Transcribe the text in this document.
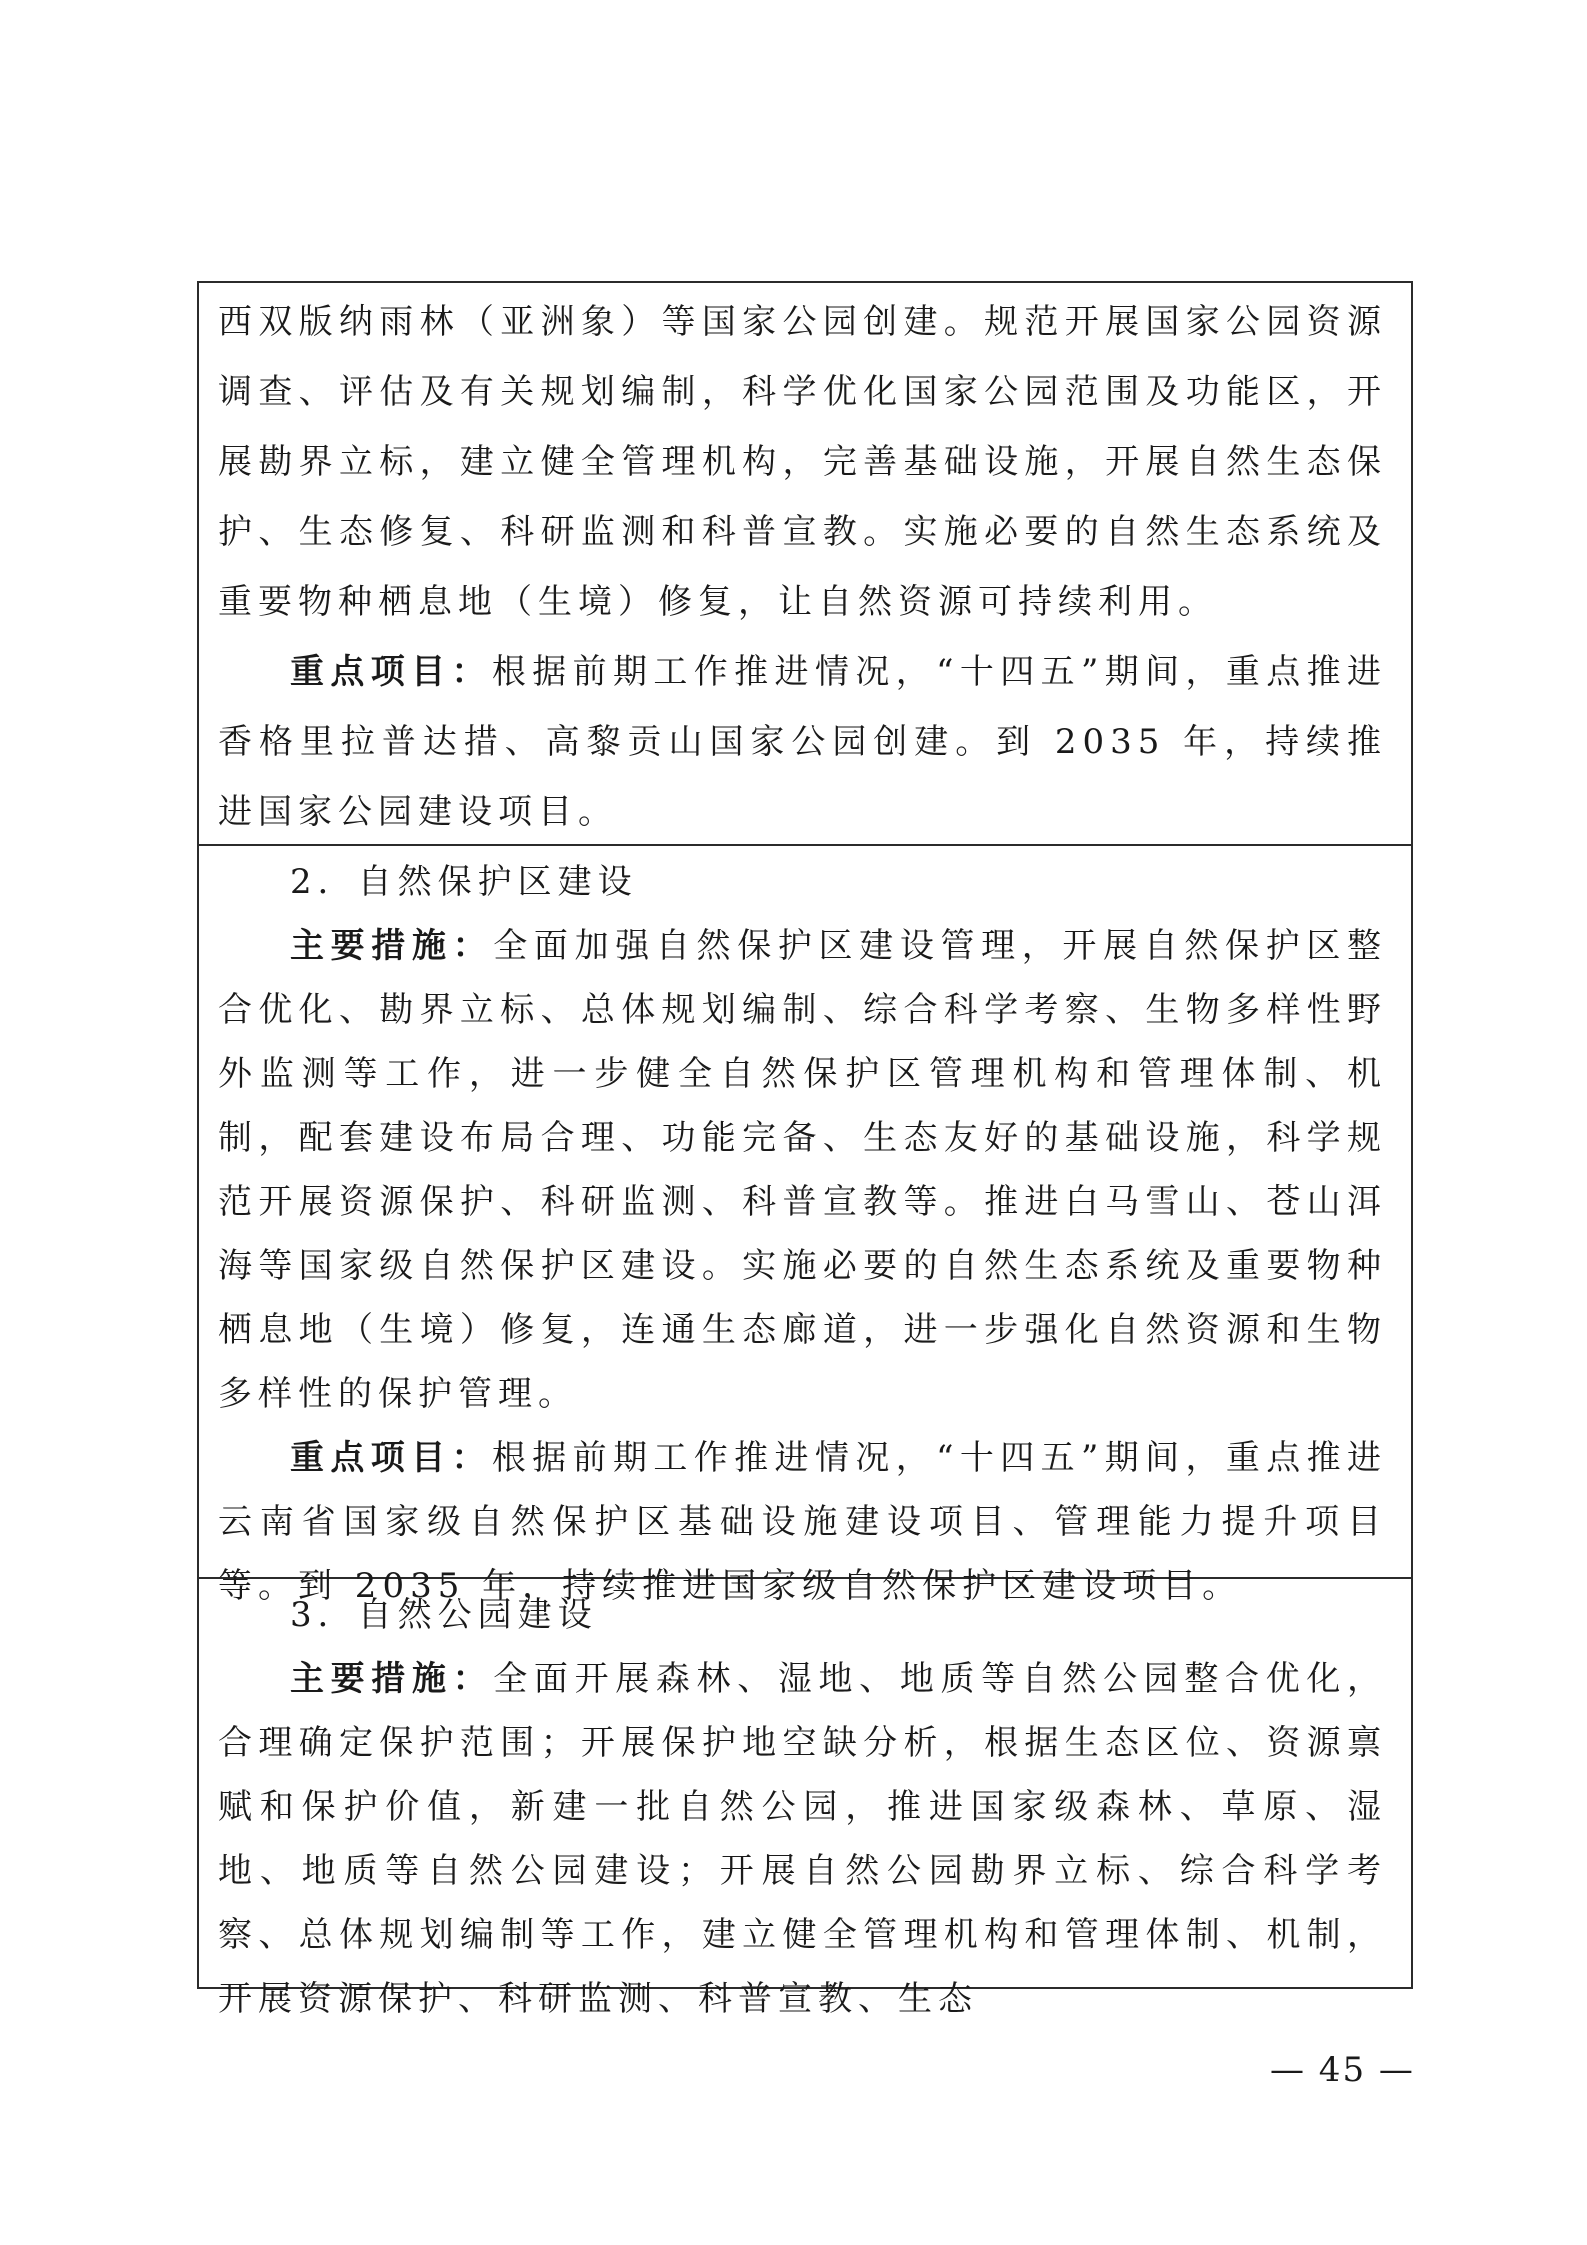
西双版纳雨林（亚洲象）等国家公园创建。规范开展国家公园资源调查、评估及有关规划编制，科学优化国家公园范围及功能区，开展勘界立标，建立健全管理机构，完善基础设施，开展自然生态保护、生态修复、科研监测和科普宣教。实施必要的自然生态系统及重要物种栖息地（生境）修复，让自然资源可持续利用。

重点项目：根据前期工作推进情况，“十四五”期间，重点推进香格里拉普达措、高黎贡山国家公园创建。到 2035 年，持续推进国家公园建设项目。

2．自然保护区建设

主要措施：全面加强自然保护区建设管理，开展自然保护区整合优化、勘界立标、总体规划编制、综合科学考察、生物多样性野外监测等工作，进一步健全自然保护区管理机构和管理体制、机制，配套建设布局合理、功能完备、生态友好的基础设施，科学规范开展资源保护、科研监测、科普宣教等。推进白马雪山、苍山洱海等国家级自然保护区建设。实施必要的自然生态系统及重要物种栖息地（生境）修复，连通生态廊道，进一步强化自然资源和生物多样性的保护管理。

重点项目：根据前期工作推进情况，“十四五”期间，重点推进云南省国家级自然保护区基础设施建设项目、管理能力提升项目等。到 2035 年，持续推进国家级自然保护区建设项目。

3．自然公园建设

主要措施：全面开展森林、湿地、地质等自然公园整合优化，合理确定保护范围；开展保护地空缺分析，根据生态区位、资源禀赋和保护价值，新建一批自然公园，推进国家级森林、草原、湿地、地质等自然公园建设；开展自然公园勘界立标、综合科学考察、总体规划编制等工作，建立健全管理机构和管理体制、机制，开展资源保护、科研监测、科普宣教、生态

— 45 —
